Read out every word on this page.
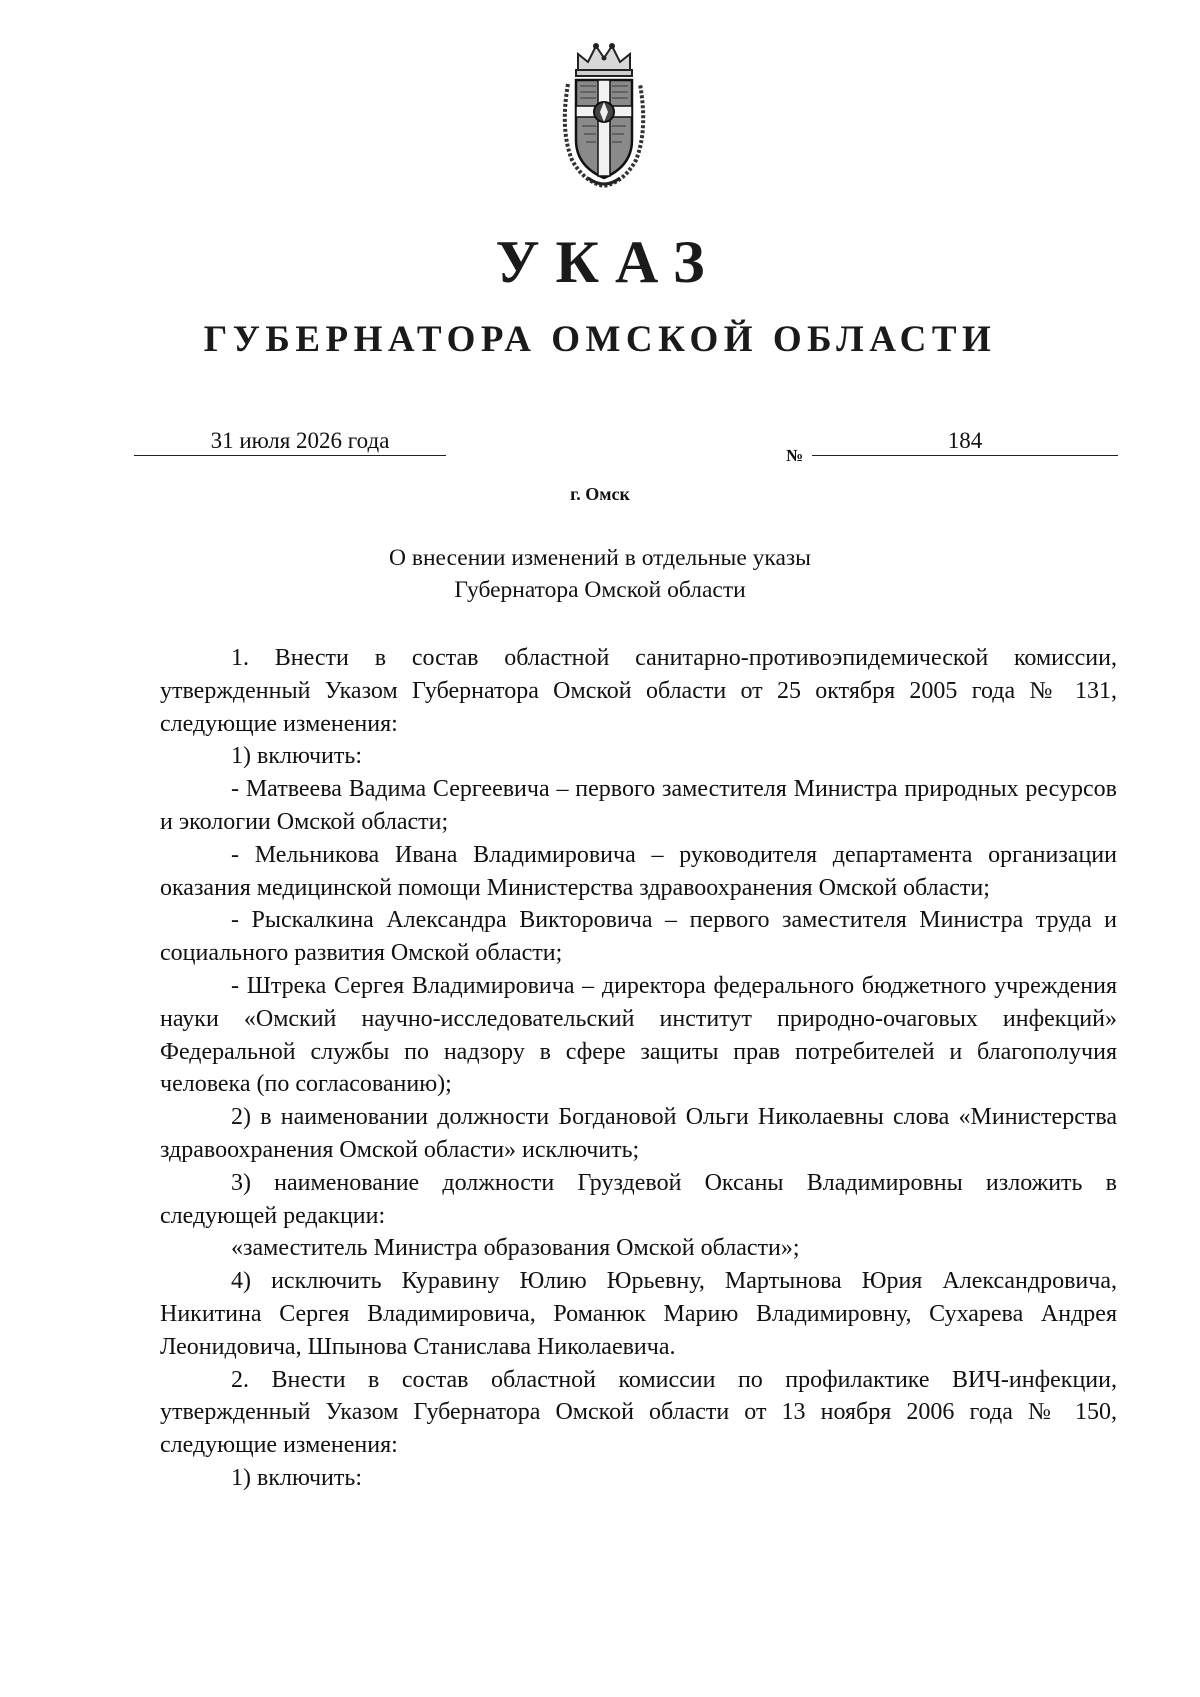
УКАЗ
ГУБЕРНАТОРА ОМСКОЙ ОБЛАСТИ
31 июля 2026 года
№
184
г. Омск
О внесении изменений в отдельные указы
Губернатора Омской области

1. Внести в состав областной санитарно-противоэпидемической комиссии, утвержденный Указом Губернатора Омской области от 25 октября 2005 года № 131, следующие изменения:

1) включить:

- Матвеева Вадима Сергеевича – первого заместителя Министра природных ресурсов и экологии Омской области;

- Мельникова Ивана Владимировича – руководителя департамента организации оказания медицинской помощи Министерства здравоохранения Омской области;

- Рыскалкина Александра Викторовича – первого заместителя Министра труда и социального развития Омской области;

- Штрека Сергея Владимировича – директора федерального бюджетного учреждения науки «Омский научно-исследовательский институт природно-очаговых инфекций» Федеральной службы по надзору в сфере защиты прав потребителей и благополучия человека (по согласованию);

2) в наименовании должности Богдановой Ольги Николаевны слова «Министерства здравоохранения Омской области» исключить;

3) наименование должности Груздевой Оксаны Владимировны изложить в следующей редакции:

«заместитель Министра образования Омской области»;

4) исключить Куравину Юлию Юрьевну, Мартынова Юрия Александровича, Никитина Сергея Владимировича, Романюк Марию Владимировну, Сухарева Андрея Леонидовича, Шпынова Станислава Николаевича.

2. Внести в состав областной комиссии по профилактике ВИЧ-инфекции, утвержденный Указом Губернатора Омской области от 13 ноября 2006 года № 150, следующие изменения:

1) включить:
